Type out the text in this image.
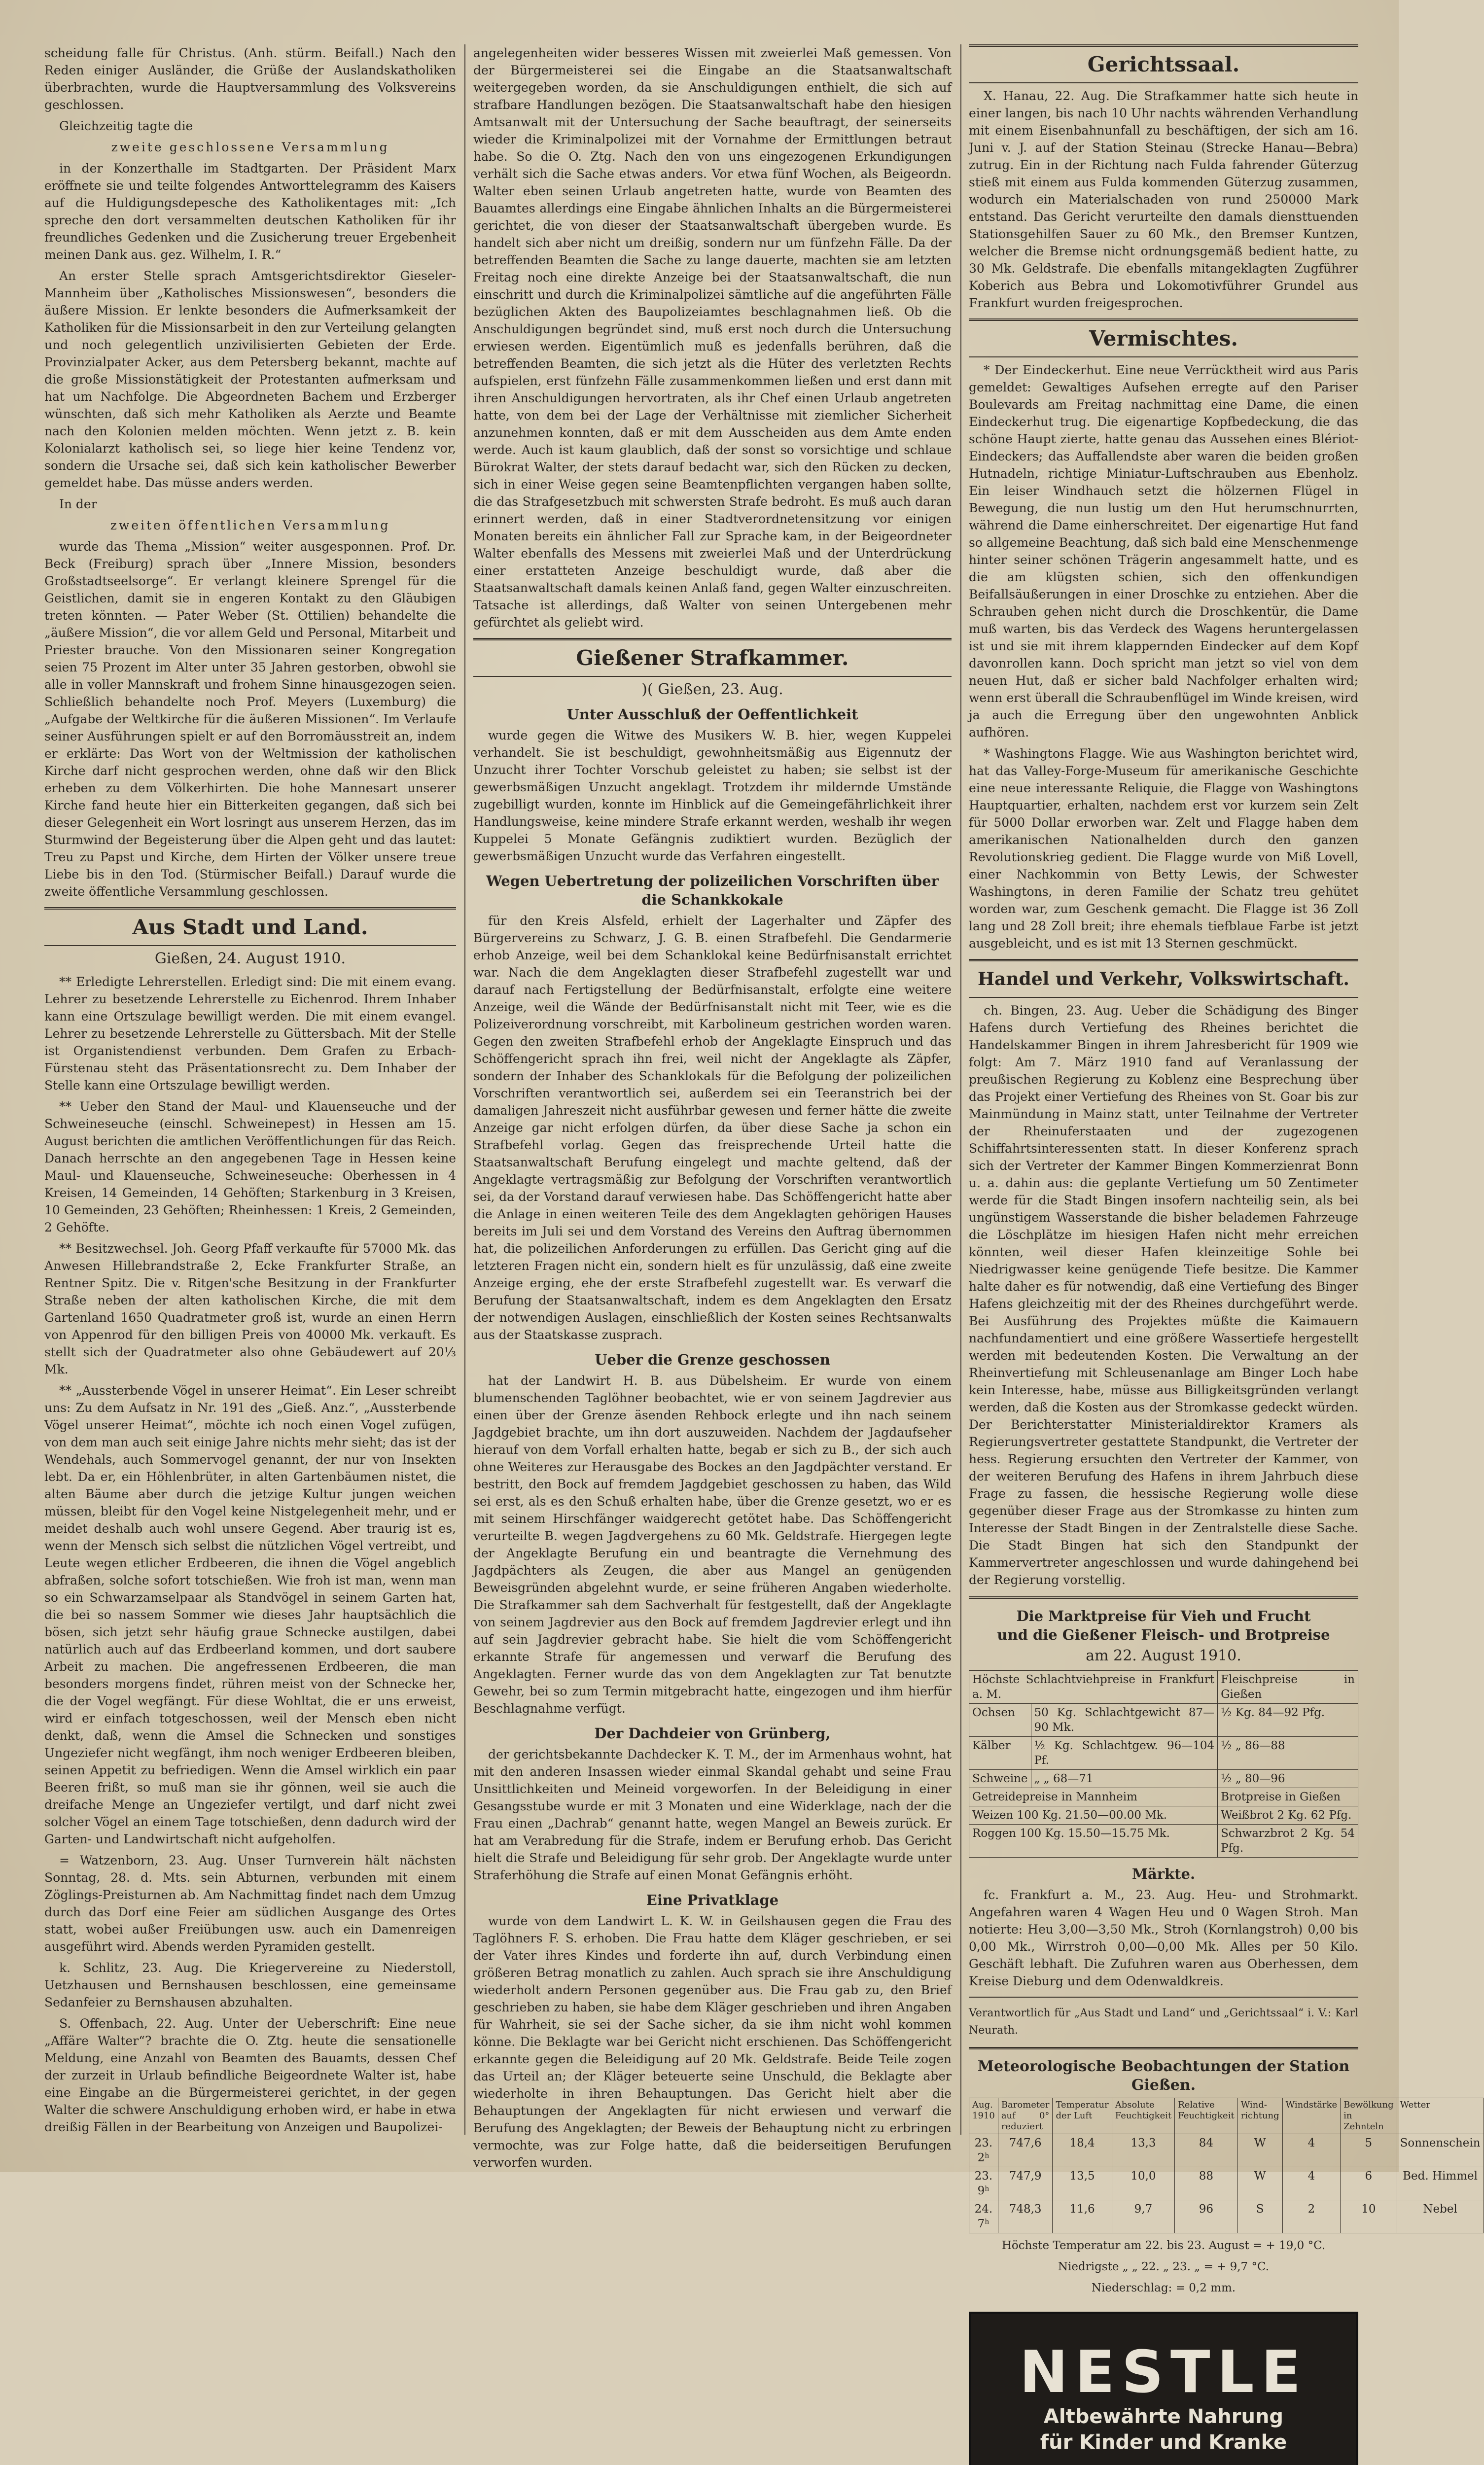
scheidung falle für Christus. (Anh. stürm. Beifall.) Nach den Reden einiger Ausländer, die Grüße der Auslandskatholiken überbrachten, wurde die Hauptversammlung des Volksvereins geschlossen.

Gleichzeitig tagte die

zweite geschlossene Versammlung

in der Konzerthalle im Stadtgarten. Der Präsident Marx eröffnete sie und teilte folgendes Antworttelegramm des Kaisers auf die Huldigungsdepesche des Katholikentages mit: „Ich spreche den dort versammelten deutschen Katholiken für ihr freundliches Gedenken und die Zusicherung treuer Ergebenheit meinen Dank aus. gez. Wilhelm, I. R.“

An erster Stelle sprach Amtsgerichtsdirektor Gieseler-Mannheim über „Katholisches Missionswesen“, besonders die äußere Mission. Er lenkte besonders die Aufmerksamkeit der Katholiken für die Missionsarbeit in den zur Verteilung gelangten und noch gelegentlich unzivilisierten Gebieten der Erde. Provinzialpater Acker, aus dem Petersberg bekannt, machte auf die große Missionstätigkeit der Protestanten aufmerksam und hat um Nachfolge. Die Abgeordneten Bachem und Erzberger wünschten, daß sich mehr Katholiken als Aerzte und Beamte nach den Kolonien melden möchten. Wenn jetzt z. B. kein Kolonialarzt katholisch sei, so liege hier keine Tendenz vor, sondern die Ursache sei, daß sich kein katholischer Bewerber gemeldet habe. Das müsse anders werden.

In der

zweiten öffentlichen Versammlung

wurde das Thema „Mission“ weiter ausgesponnen. Prof. Dr. Beck (Freiburg) sprach über „Innere Mission, besonders Großstadtseelsorge“. Er verlangt kleinere Sprengel für die Geistlichen, damit sie in engeren Kontakt zu den Gläubigen treten könnten. — Pater Weber (St. Ottilien) behandelte die „äußere Mission“, die vor allem Geld und Personal, Mitarbeit und Priester brauche. Von den Missionaren seiner Kongregation seien 75 Prozent im Alter unter 35 Jahren gestorben, obwohl sie alle in voller Mannskraft und frohem Sinne hinausgezogen seien. Schließlich behandelte noch Prof. Meyers (Luxemburg) die „Aufgabe der Weltkirche für die äußeren Missionen“. Im Verlaufe seiner Ausführungen spielt er auf den Borromäusstreit an, indem er erklärte: Das Wort von der Weltmission der katholischen Kirche darf nicht gesprochen werden, ohne daß wir den Blick erheben zu dem Völkerhirten. Die hohe Mannesart unserer Kirche fand heute hier ein Bitterkeiten gegangen, daß sich bei dieser Gelegenheit ein Wort losringt aus unserem Herzen, das im Sturmwind der Begeisterung über die Alpen geht und das lautet: Treu zu Papst und Kirche, dem Hirten der Völker unsere treue Liebe bis in den Tod. (Stürmischer Beifall.) Darauf wurde die zweite öffentliche Versammlung geschlossen.

Aus Stadt und Land.

Gießen, 24. August 1910.

** Erledigte Lehrerstellen. Erledigt sind: Die mit einem evang. Lehrer zu besetzende Lehrerstelle zu Eichenrod. Ihrem Inhaber kann eine Ortszulage bewilligt werden. Die mit einem evangel. Lehrer zu besetzende Lehrerstelle zu Güttersbach. Mit der Stelle ist Organistendienst verbunden. Dem Grafen zu Erbach-Fürstenau steht das Präsentationsrecht zu. Dem Inhaber der Stelle kann eine Ortszulage bewilligt werden.

** Ueber den Stand der Maul- und Klauenseuche und der Schweineseuche (einschl. Schweinepest) in Hessen am 15. August berichten die amtlichen Veröffentlichungen für das Reich. Danach herrschte an den angegebenen Tage in Hessen keine Maul- und Klauenseuche, Schweineseuche: Oberhessen in 4 Kreisen, 14 Gemeinden, 14 Gehöften; Starkenburg in 3 Kreisen, 10 Gemeinden, 23 Gehöften; Rheinhessen: 1 Kreis, 2 Gemeinden, 2 Gehöfte.

** Besitzwechsel. Joh. Georg Pfaff verkaufte für 57000 Mk. das Anwesen Hillebrandstraße 2, Ecke Frankfurter Straße, an Rentner Spitz. Die v. Ritgen'sche Besitzung in der Frankfurter Straße neben der alten katholischen Kirche, die mit dem Gartenland 1650 Quadratmeter groß ist, wurde an einen Herrn von Appenrod für den billigen Preis von 40000 Mk. verkauft. Es stellt sich der Quadratmeter also ohne Gebäudewert auf 20⅓ Mk.

** „Aussterbende Vögel in unserer Heimat“. Ein Leser schreibt uns: Zu dem Aufsatz in Nr. 191 des „Gieß. Anz.“, „Aussterbende Vögel unserer Heimat“, möchte ich noch einen Vogel zufügen, von dem man auch seit einige Jahre nichts mehr sieht; das ist der Wendehals, auch Sommervogel genannt, der nur von Insekten lebt. Da er, ein Höhlenbrüter, in alten Gartenbäumen nistet, die alten Bäume aber durch die jetzige Kultur jungen weichen müssen, bleibt für den Vogel keine Nistgelegenheit mehr, und er meidet deshalb auch wohl unsere Gegend. Aber traurig ist es, wenn der Mensch sich selbst die nützlichen Vögel vertreibt, und Leute wegen etlicher Erdbeeren, die ihnen die Vögel angeblich abfraßen, solche sofort totschießen. Wie froh ist man, wenn man so ein Schwarzamselpaar als Standvögel in seinem Garten hat, die bei so nassem Sommer wie dieses Jahr hauptsächlich die bösen, sich jetzt sehr häufig graue Schnecke austilgen, dabei natürlich auch auf das Erdbeerland kommen, und dort saubere Arbeit zu machen. Die angefressenen Erdbeeren, die man besonders morgens findet, rühren meist von der Schnecke her, die der Vogel wegfängt. Für diese Wohltat, die er uns erweist, wird er einfach totgeschossen, weil der Mensch eben nicht denkt, daß, wenn die Amsel die Schnecken und sonstiges Ungeziefer nicht wegfängt, ihm noch weniger Erdbeeren bleiben, seinen Appetit zu befriedigen. Wenn die Amsel wirklich ein paar Beeren frißt, so muß man sie ihr gönnen, weil sie auch die dreifache Menge an Ungeziefer vertilgt, und darf nicht zwei solcher Vögel an einem Tage totschießen, denn dadurch wird der Garten- und Landwirtschaft nicht aufgeholfen.

= Watzenborn, 23. Aug. Unser Turnverein hält nächsten Sonntag, 28. d. Mts. sein Abturnen, verbunden mit einem Zöglings-Preisturnen ab. Am Nachmittag findet nach dem Umzug durch das Dorf eine Feier am südlichen Ausgange des Ortes statt, wobei außer Freiübungen usw. auch ein Damenreigen ausgeführt wird. Abends werden Pyramiden gestellt.

k. Schlitz, 23. Aug. Die Kriegervereine zu Niederstoll, Uetzhausen und Bernshausen beschlossen, eine gemeinsame Sedanfeier zu Bernshausen abzuhalten.

S. Offenbach, 22. Aug. Unter der Ueberschrift: Eine neue „Affäre Walter“? brachte die O. Ztg. heute die sensationelle Meldung, eine Anzahl von Beamten des Bauamts, dessen Chef der zurzeit in Urlaub befindliche Beigeordnete Walter ist, habe eine Eingabe an die Bürgermeisterei gerichtet, in der gegen Walter die schwere Anschuldigung erhoben wird, er habe in etwa dreißig Fällen in der Bearbeitung von Anzeigen und Baupolizei-

angelegenheiten wider besseres Wissen mit zweierlei Maß gemessen. Von der Bürgermeisterei sei die Eingabe an die Staatsanwaltschaft weitergegeben worden, da sie Anschuldigungen enthielt, die sich auf strafbare Handlungen bezögen. Die Staatsanwaltschaft habe den hiesigen Amtsanwalt mit der Untersuchung der Sache beauftragt, der seinerseits wieder die Kriminalpolizei mit der Vornahme der Ermittlungen betraut habe. So die O. Ztg. Nach den von uns eingezogenen Erkundigungen verhält sich die Sache etwas anders. Vor etwa fünf Wochen, als Beigeordn. Walter eben seinen Urlaub angetreten hatte, wurde von Beamten des Bauamtes allerdings eine Eingabe ähnlichen Inhalts an die Bürgermeisterei gerichtet, die von dieser der Staatsanwaltschaft übergeben wurde. Es handelt sich aber nicht um dreißig, sondern nur um fünfzehn Fälle. Da der betreffenden Beamten die Sache zu lange dauerte, machten sie am letzten Freitag noch eine direkte Anzeige bei der Staatsanwaltschaft, die nun einschritt und durch die Kriminalpolizei sämtliche auf die angeführten Fälle bezüglichen Akten des Baupolizeiamtes beschlagnahmen ließ. Ob die Anschuldigungen begründet sind, muß erst noch durch die Untersuchung erwiesen werden. Eigentümlich muß es jedenfalls berühren, daß die betreffenden Beamten, die sich jetzt als die Hüter des verletzten Rechts aufspielen, erst fünfzehn Fälle zusammenkommen ließen und erst dann mit ihren Anschuldigungen hervortraten, als ihr Chef einen Urlaub angetreten hatte, von dem bei der Lage der Verhältnisse mit ziemlicher Sicherheit anzunehmen konnten, daß er mit dem Ausscheiden aus dem Amte enden werde. Auch ist kaum glaublich, daß der sonst so vorsichtige und schlaue Bürokrat Walter, der stets darauf bedacht war, sich den Rücken zu decken, sich in einer Weise gegen seine Beamtenpflichten vergangen haben sollte, die das Strafgesetzbuch mit schwersten Strafe bedroht. Es muß auch daran erinnert werden, daß in einer Stadtverordnetensitzung vor einigen Monaten bereits ein ähnlicher Fall zur Sprache kam, in der Beigeordneter Walter ebenfalls des Messens mit zweierlei Maß und der Unterdrückung einer erstatteten Anzeige beschuldigt wurde, daß aber die Staatsanwaltschaft damals keinen Anlaß fand, gegen Walter einzuschreiten. Tatsache ist allerdings, daß Walter von seinen Untergebenen mehr gefürchtet als geliebt wird.

Gießener Strafkammer.

)( Gießen, 23. Aug.

Unter Ausschluß der Oeffentlichkeit

wurde gegen die Witwe des Musikers W. B. hier, wegen Kuppelei verhandelt. Sie ist beschuldigt, gewohnheitsmäßig aus Eigennutz der Unzucht ihrer Tochter Vorschub geleistet zu haben; sie selbst ist der gewerbsmäßigen Unzucht angeklagt. Trotzdem ihr mildernde Umstände zugebilligt wurden, konnte im Hinblick auf die Gemeingefährlichkeit ihrer Handlungsweise, keine mindere Strafe erkannt werden, weshalb ihr wegen Kuppelei 5 Monate Gefängnis zudiktiert wurden. Bezüglich der gewerbsmäßigen Unzucht wurde das Verfahren eingestellt.

Wegen Uebertretung der polizeilichen Vorschriften über die Schankkokale

für den Kreis Alsfeld, erhielt der Lagerhalter und Zäpfer des Bürgervereins zu Schwarz, J. G. B. einen Strafbefehl. Die Gendarmerie erhob Anzeige, weil bei dem Schanklokal keine Bedürfnisanstalt errichtet war. Nach die dem Angeklagten dieser Strafbefehl zugestellt war und darauf nach Fertigstellung der Bedürfnisanstalt, erfolgte eine weitere Anzeige, weil die Wände der Bedürfnisanstalt nicht mit Teer, wie es die Polizeiverordnung vorschreibt, mit Karbolineum gestrichen worden waren. Gegen den zweiten Strafbefehl erhob der Angeklagte Einspruch und das Schöffengericht sprach ihn frei, weil nicht der Angeklagte als Zäpfer, sondern der Inhaber des Schanklokals für die Befolgung der polizeilichen Vorschriften verantwortlich sei, außerdem sei ein Teeranstrich bei der damaligen Jahreszeit nicht ausführbar gewesen und ferner hätte die zweite Anzeige gar nicht erfolgen dürfen, da über diese Sache ja schon ein Strafbefehl vorlag. Gegen das freisprechende Urteil hatte die Staatsanwaltschaft Berufung eingelegt und machte geltend, daß der Angeklagte vertragsmäßig zur Befolgung der Vorschriften verantwortlich sei, da der Vorstand darauf verwiesen habe. Das Schöffengericht hatte aber die Anlage in einen weiteren Teile des dem Angeklagten gehörigen Hauses bereits im Juli sei und dem Vorstand des Vereins den Auftrag übernommen hat, die polizeilichen Anforderungen zu erfüllen. Das Gericht ging auf die letzteren Fragen nicht ein, sondern hielt es für unzulässig, daß eine zweite Anzeige erging, ehe der erste Strafbefehl zugestellt war. Es verwarf die Berufung der Staatsanwaltschaft, indem es dem Angeklagten den Ersatz der notwendigen Auslagen, einschließlich der Kosten seines Rechtsanwalts aus der Staatskasse zusprach.

Ueber die Grenze geschossen

hat der Landwirt H. B. aus Dübelsheim. Er wurde von einem blumenschenden Taglöhner beobachtet, wie er von seinem Jagdrevier aus einen über der Grenze äsenden Rehbock erlegte und ihn nach seinem Jagdgebiet brachte, um ihn dort auszuweiden. Nachdem der Jagdaufseher hierauf von dem Vorfall erhalten hatte, begab er sich zu B., der sich auch ohne Weiteres zur Herausgabe des Bockes an den Jagdpächter verstand. Er bestritt, den Bock auf fremdem Jagdgebiet geschossen zu haben, das Wild sei erst, als es den Schuß erhalten habe, über die Grenze gesetzt, wo er es mit seinem Hirschfänger waidgerecht getötet habe. Das Schöffengericht verurteilte B. wegen Jagdvergehens zu 60 Mk. Geldstrafe. Hiergegen legte der Angeklagte Berufung ein und beantragte die Vernehmung des Jagdpächters als Zeugen, die aber aus Mangel an genügenden Beweisgründen abgelehnt wurde, er seine früheren Angaben wiederholte. Die Strafkammer sah dem Sachverhalt für festgestellt, daß der Angeklagte von seinem Jagdrevier aus den Bock auf fremdem Jagdrevier erlegt und ihn auf sein Jagdrevier gebracht habe. Sie hielt die vom Schöffengericht erkannte Strafe für angemessen und verwarf die Berufung des Angeklagten. Ferner wurde das von dem Angeklagten zur Tat benutzte Gewehr, bei so zum Termin mitgebracht hatte, eingezogen und ihm hierfür Beschlagnahme verfügt.

Der Dachdeier von Grünberg,

der gerichtsbekannte Dachdecker K. T. M., der im Armenhaus wohnt, hat mit den anderen Insassen wieder einmal Skandal gehabt und seine Frau Unsittlichkeiten und Meineid vorgeworfen. In der Beleidigung in einer Gesangsstube wurde er mit 3 Monaten und eine Widerklage, nach der die Frau einen „Dachrab“ genannt hatte, wegen Mangel an Beweis zurück. Er hat am Verabredung für die Strafe, indem er Berufung erhob. Das Gericht hielt die Strafe und Beleidigung für sehr grob. Der Angeklagte wurde unter Straferhöhung die Strafe auf einen Monat Gefängnis erhöht.

Eine Privatklage

wurde von dem Landwirt L. K. W. in Geilshausen gegen die Frau des Taglöhners F. S. erhoben. Die Frau hatte dem Kläger geschrieben, er sei der Vater ihres Kindes und forderte ihn auf, durch Verbindung einen größeren Betrag monatlich zu zahlen. Auch sprach sie ihre Anschuldigung wiederholt andern Personen gegenüber aus. Die Frau gab zu, den Brief geschrieben zu haben, sie habe dem Kläger geschrieben und ihren Angaben für Wahrheit, sie sei der Sache sicher, da sie ihm nicht wohl kommen könne. Die Beklagte war bei Gericht nicht erschienen. Das Schöffengericht erkannte gegen die Beleidigung auf 20 Mk. Geldstrafe. Beide Teile zogen das Urteil an; der Kläger beteuerte seine Unschuld, die Beklagte aber wiederholte in ihren Behauptungen. Das Gericht hielt aber die Behauptungen der Angeklagten für nicht erwiesen und verwarf die Berufung des Angeklagten; der Beweis der Behauptung nicht zu erbringen vermochte, was zur Folge hatte, daß die beiderseitigen Berufungen verworfen wurden.

Gerichtssaal.

X. Hanau, 22. Aug. Die Strafkammer hatte sich heute in einer langen, bis nach 10 Uhr nachts währenden Verhandlung mit einem Eisenbahnunfall zu beschäftigen, der sich am 16. Juni v. J. auf der Station Steinau (Strecke Hanau—Bebra) zutrug. Ein in der Richtung nach Fulda fahrender Güterzug stieß mit einem aus Fulda kommenden Güterzug zusammen, wodurch ein Materialschaden von rund 250000 Mark entstand. Das Gericht verurteilte den damals diensttuenden Stationsgehilfen Sauer zu 60 Mk., den Bremser Kuntzen, welcher die Bremse nicht ordnungsgemäß bedient hatte, zu 30 Mk. Geldstrafe. Die ebenfalls mitangeklagten Zugführer Koberich aus Bebra und Lokomotivführer Grundel aus Frankfurt wurden freigesprochen.

Vermischtes.

* Der Eindeckerhut. Eine neue Verrücktheit wird aus Paris gemeldet: Gewaltiges Aufsehen erregte auf den Pariser Boulevards am Freitag nachmittag eine Dame, die einen Eindeckerhut trug. Die eigenartige Kopfbedeckung, die das schöne Haupt zierte, hatte genau das Aussehen eines Blériot-Eindeckers; das Auffallendste aber waren die beiden großen Hutnadeln, richtige Miniatur-Luftschrauben aus Ebenholz. Ein leiser Windhauch setzt die hölzernen Flügel in Bewegung, die nun lustig um den Hut herumschnurrten, während die Dame einherschreitet. Der eigenartige Hut fand so allgemeine Beachtung, daß sich bald eine Menschenmenge hinter seiner schönen Trägerin angesammelt hatte, und es die am klügsten schien, sich den offenkundigen Beifallsäußerungen in einer Droschke zu entziehen. Aber die Schrauben gehen nicht durch die Droschkentür, die Dame muß warten, bis das Verdeck des Wagens heruntergelassen ist und sie mit ihrem klappernden Eindecker auf dem Kopf davonrollen kann. Doch spricht man jetzt so viel von dem neuen Hut, daß er sicher bald Nachfolger erhalten wird; wenn erst überall die Schraubenflügel im Winde kreisen, wird ja auch die Erregung über den ungewohnten Anblick aufhören.

* Washingtons Flagge. Wie aus Washington berichtet wird, hat das Valley-Forge-Museum für amerikanische Geschichte eine neue interessante Reliquie, die Flagge von Washingtons Hauptquartier, erhalten, nachdem erst vor kurzem sein Zelt für 5000 Dollar erworben war. Zelt und Flagge haben dem amerikanischen Nationalhelden durch den ganzen Revolutionskrieg gedient. Die Flagge wurde von Miß Lovell, einer Nachkommin von Betty Lewis, der Schwester Washingtons, in deren Familie der Schatz treu gehütet worden war, zum Geschenk gemacht. Die Flagge ist 36 Zoll lang und 28 Zoll breit; ihre ehemals tiefblaue Farbe ist jetzt ausgebleicht, und es ist mit 13 Sternen geschmückt.

Handel und Verkehr, Volkswirtschaft.

ch. Bingen, 23. Aug. Ueber die Schädigung des Binger Hafens durch Vertiefung des Rheines berichtet die Handelskammer Bingen in ihrem Jahresbericht für 1909 wie folgt: Am 7. März 1910 fand auf Veranlassung der preußischen Regierung zu Koblenz eine Besprechung über das Projekt einer Vertiefung des Rheines von St. Goar bis zur Mainmündung in Mainz statt, unter Teilnahme der Vertreter der Rheinuferstaaten und der zugezogenen Schiffahrtsinteressenten statt. In dieser Konferenz sprach sich der Vertreter der Kammer Bingen Kommerzienrat Bonn u. a. dahin aus: die geplante Vertiefung um 50 Zentimeter werde für die Stadt Bingen insofern nachteilig sein, als bei ungünstigem Wasserstande die bisher belademen Fahrzeuge die Löschplätze im hiesigen Hafen nicht mehr erreichen könnten, weil dieser Hafen kleinzeitige Sohle bei Niedrigwasser keine genügende Tiefe besitze. Die Kammer halte daher es für notwendig, daß eine Vertiefung des Binger Hafens gleichzeitig mit der des Rheines durchgeführt werde. Bei Ausführung des Projektes müßte die Kaimauern nachfundamentiert und eine größere Wassertiefe hergestellt werden mit bedeutenden Kosten. Die Verwaltung an der Rheinvertiefung mit Schleusenanlage am Binger Loch habe kein Interesse, habe, müsse aus Billigkeitsgründen verlangt werden, daß die Kosten aus der Stromkasse gedeckt würden. Der Berichterstatter Ministerialdirektor Kramers als Regierungsvertreter gestattete Standpunkt, die Vertreter der hess. Regierung ersuchten den Vertreter der Kammer, von der weiteren Berufung des Hafens in ihrem Jahrbuch diese Frage zu fassen, die hessische Regierung wolle diese gegenüber dieser Frage aus der Stromkasse zu hinten zum Interesse der Stadt Bingen in der Zentralstelle diese Sache. Die Stadt Bingen hat sich den Standpunkt der Kammervertreter angeschlossen und wurde dahingehend bei der Regierung vorstellig.

Die Marktpreise für Vieh und Frucht

und die Gießener Fleisch- und Brotpreise

am 22. August 1910.

Höchste Schlachtviehpreise in Frankfurt a. M.		Fleischpreise in Gießen
Ochsen	50 Kg. Schlachtgewicht 87—90 Mk.	½ Kg. 84—92 Pfg.
Kälber	½ Kg. Schlachtgew. 96—104 Pf.	½ „ 86—88
Schweine	„ „ 68—71	½ „ 80—96
Getreidepreise in Mannheim		Brotpreise in Gießen
Weizen 100 Kg. 21.50—00.00 Mk.		Weißbrot 2 Kg. 62 Pfg.
Roggen 100 Kg. 15.50—15.75 Mk.		Schwarzbrot 2 Kg. 54 Pfg.

Märkte.

fc. Frankfurt a. M., 23. Aug. Heu- und Strohmarkt. Angefahren waren 4 Wagen Heu und 0 Wagen Stroh. Man notierte: Heu 3,00—3,50 Mk., Stroh (Kornlangstroh) 0,00 bis 0,00 Mk., Wirrstroh 0,00—0,00 Mk. Alles per 50 Kilo. Geschäft lebhaft. Die Zufuhren waren aus Oberhessen, dem Kreise Dieburg und dem Odenwaldkreis.

Verantwortlich für „Aus Stadt und Land“ und „Gerichtssaal“ i. V.: Karl Neurath.

Meteorologische Beobachtungen der Station Gießen.

Aug. 1910	Barometer auf 0° reduziert	Temperatur der Luft	Absolute Feuchtigkeit	Relative Feuchtigkeit	Wind-richtung	Windstärke	Bewölkung in Zehnteln	Wetter
23. 2ʰ	747,6	18,4	13,3	84	W	4	5	Sonnenschein
23. 9ʰ	747,9	13,5	10,0	88	W	4	6	Bed. Himmel
24. 7ʰ	748,3	11,6	9,7	96	S	2	10	Nebel

Höchste Temperatur am 22. bis 23. August = + 19,0 °C.

Niedrigste „ „ 22. „ 23. „ = + 9,7 °C.

Niederschlag: = 0,2 mm.

NESTLE
Altbewährte Nahrung
für Kinder und Kranke
